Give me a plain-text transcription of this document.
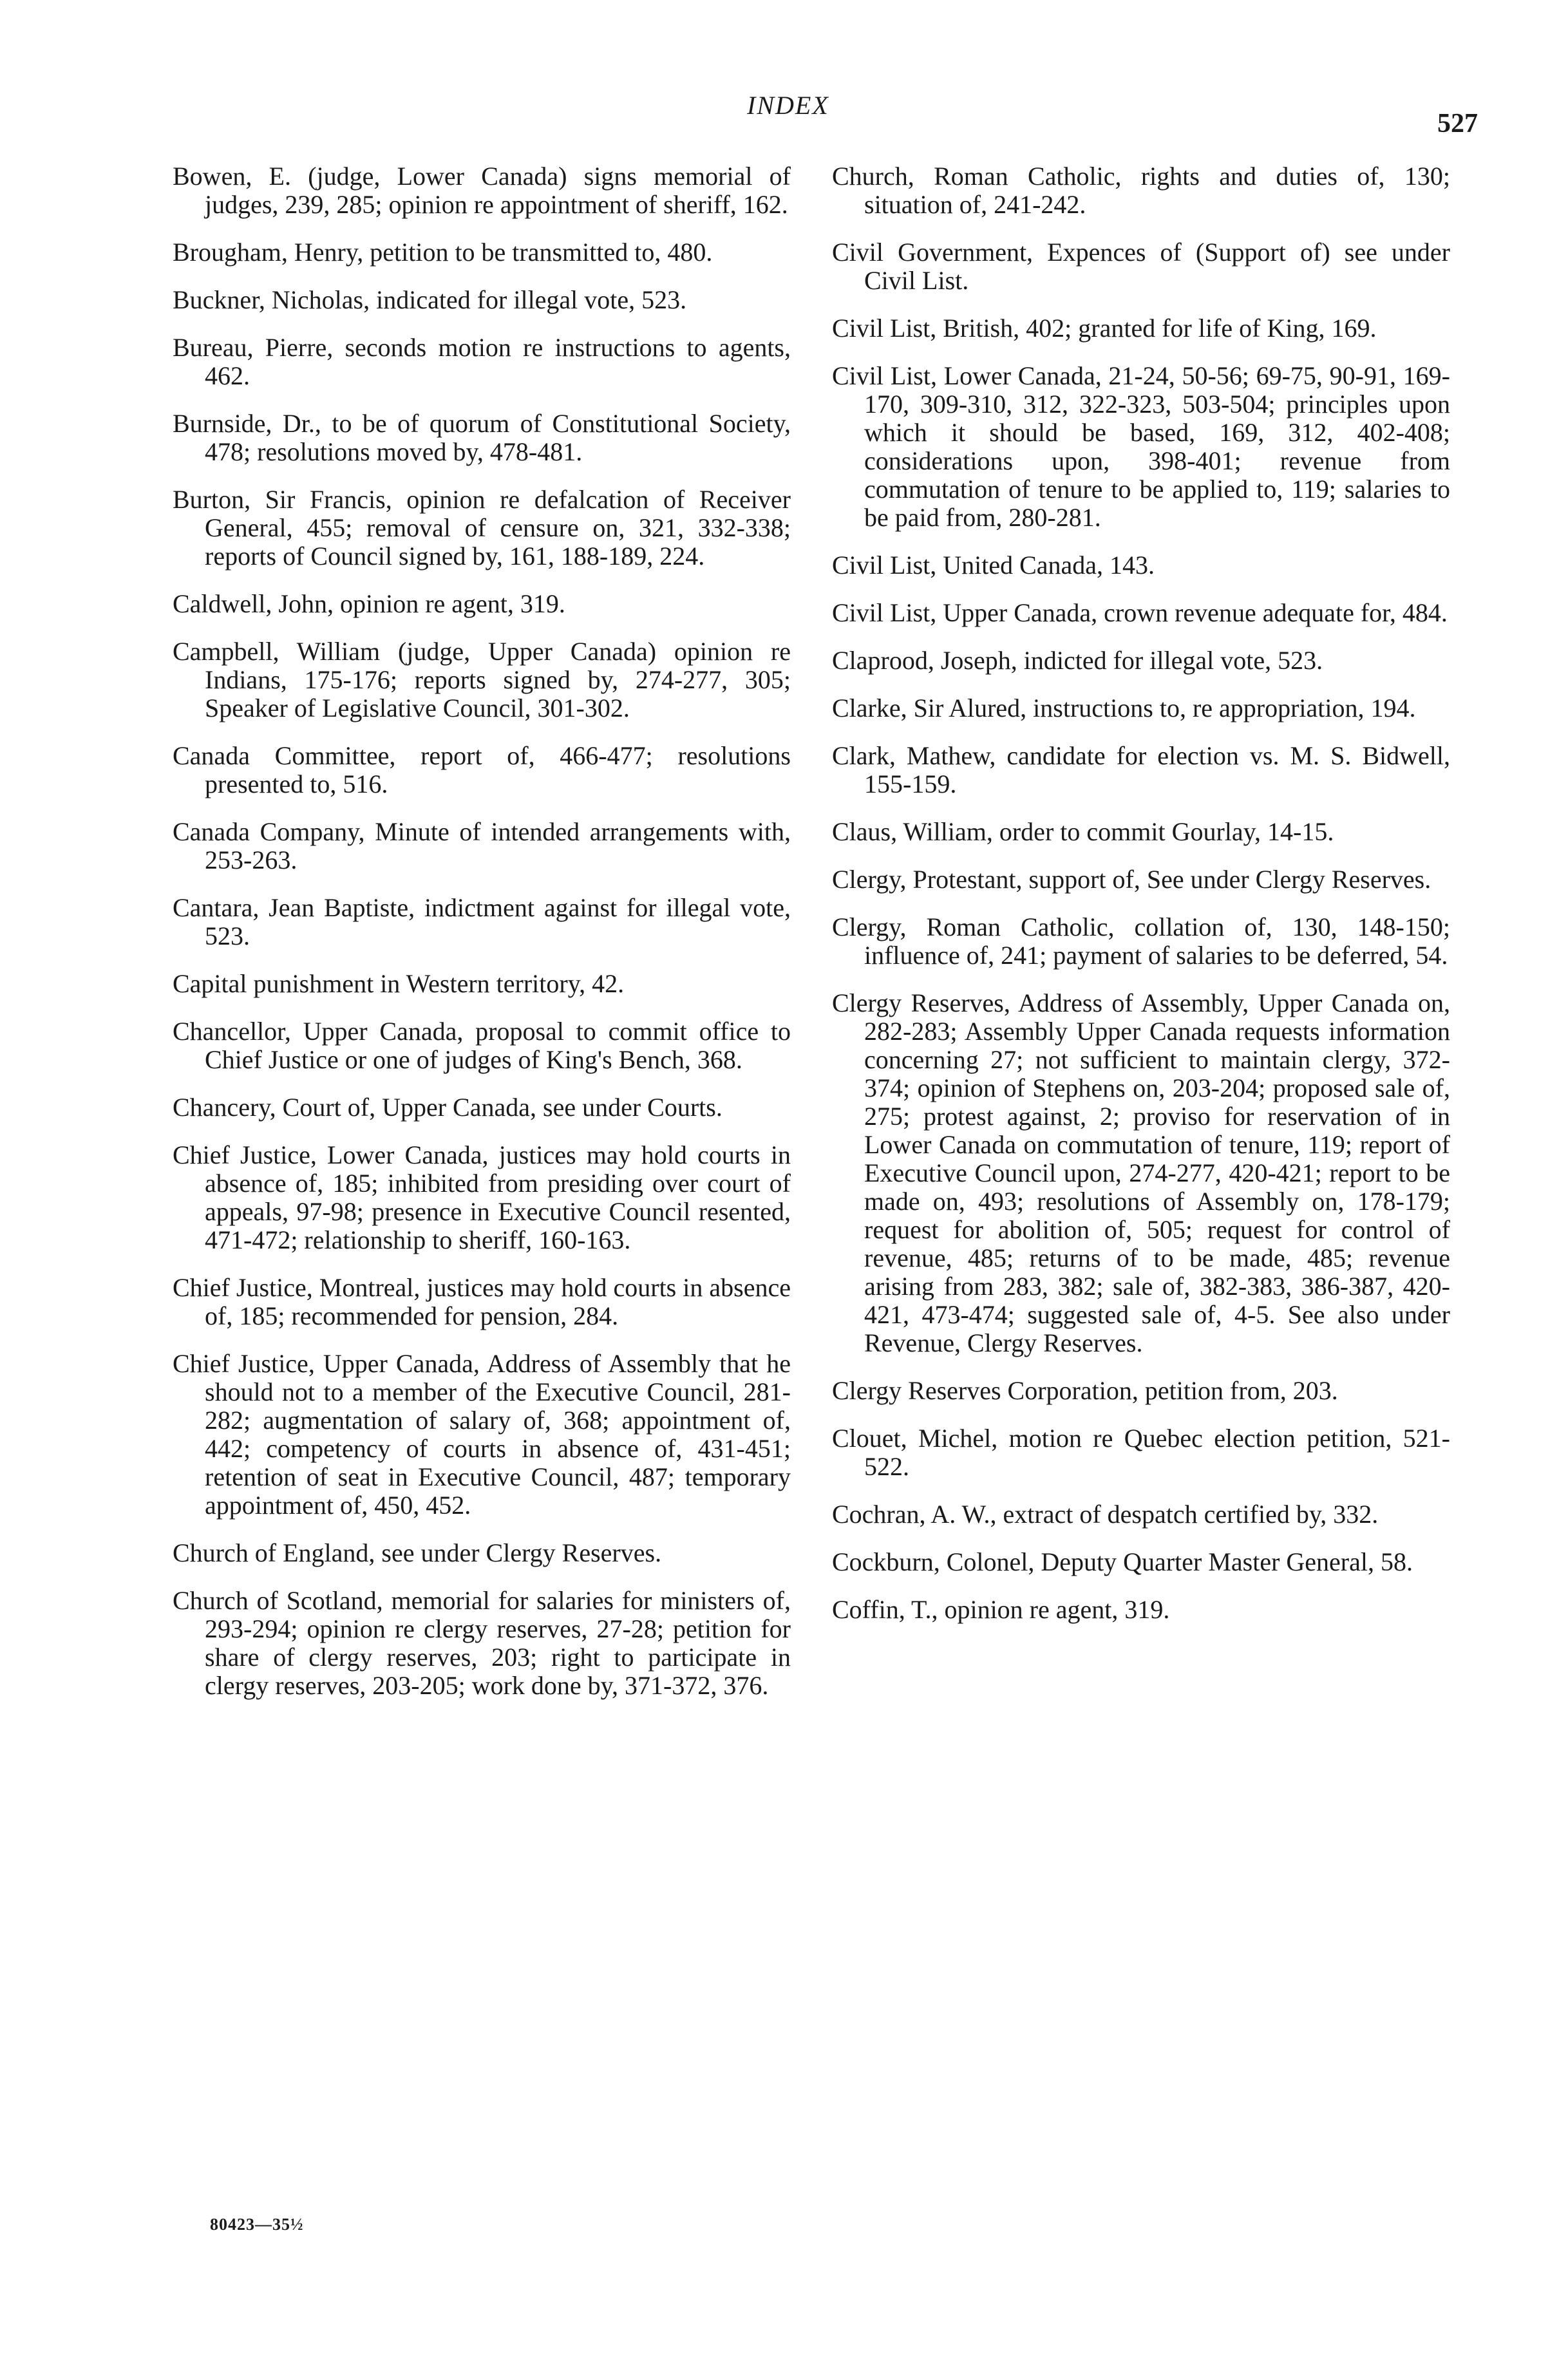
INDEX
527

Bowen, E. (judge, Lower Canada) signs memorial of judges, 239, 285; opinion re appointment of sheriff, 162.

Brougham, Henry, petition to be transmitted to, 480.

Buckner, Nicholas, indicated for illegal vote, 523.

Bureau, Pierre, seconds motion re instructions to agents, 462.

Burnside, Dr., to be of quorum of Constitutional Society, 478; resolutions moved by, 478-481.

Burton, Sir Francis, opinion re defalcation of Receiver General, 455; removal of censure on, 321, 332-338; reports of Council signed by, 161, 188-189, 224.

Caldwell, John, opinion re agent, 319.

Campbell, William (judge, Upper Canada) opinion re Indians, 175-176; reports signed by, 274-277, 305; Speaker of Legislative Council, 301-302.

Canada Committee, report of, 466-477; resolutions presented to, 516.

Canada Company, Minute of intended arrangements with, 253-263.

Cantara, Jean Baptiste, indictment against for illegal vote, 523.

Capital punishment in Western territory, 42.

Chancellor, Upper Canada, proposal to commit office to Chief Justice or one of judges of King's Bench, 368.

Chancery, Court of, Upper Canada, see under Courts.

Chief Justice, Lower Canada, justices may hold courts in absence of, 185; inhibited from presiding over court of appeals, 97-98; presence in Executive Council resented, 471-472; relationship to sheriff, 160-163.

Chief Justice, Montreal, justices may hold courts in absence of, 185; recommended for pension, 284.

Chief Justice, Upper Canada, Address of Assembly that he should not to a member of the Executive Council, 281-282; augmentation of salary of, 368; appointment of, 442; competency of courts in absence of, 431-451; retention of seat in Executive Council, 487; temporary appointment of, 450, 452.

Church of England, see under Clergy Reserves.

Church of Scotland, memorial for salaries for ministers of, 293-294; opinion re clergy reserves, 27-28; petition for share of clergy reserves, 203; right to participate in clergy reserves, 203-205; work done by, 371-372, 376.

Church, Roman Catholic, rights and duties of, 130; situation of, 241-242.

Civil Government, Expences of (Support of) see under Civil List.

Civil List, British, 402; granted for life of King, 169.

Civil List, Lower Canada, 21-24, 50-56; 69-75, 90-91, 169-170, 309-310, 312, 322-323, 503-504; principles upon which it should be based, 169, 312, 402-408; considerations upon, 398-401; revenue from commutation of tenure to be applied to, 119; salaries to be paid from, 280-281.

Civil List, United Canada, 143.

Civil List, Upper Canada, crown revenue adequate for, 484.

Claprood, Joseph, indicted for illegal vote, 523.

Clarke, Sir Alured, instructions to, re appropriation, 194.

Clark, Mathew, candidate for election vs. M. S. Bidwell, 155-159.

Claus, William, order to commit Gourlay, 14-15.

Clergy, Protestant, support of, See under Clergy Reserves.

Clergy, Roman Catholic, collation of, 130, 148-150; influence of, 241; payment of salaries to be deferred, 54.

Clergy Reserves, Address of Assembly, Upper Canada on, 282-283; Assembly Upper Canada requests information concerning 27; not sufficient to maintain clergy, 372-374; opinion of Stephens on, 203-204; proposed sale of, 275; protest against, 2; proviso for reservation of in Lower Canada on commutation of tenure, 119; report of Executive Council upon, 274-277, 420-421; report to be made on, 493; resolutions of Assembly on, 178-179; request for abolition of, 505; request for control of revenue, 485; returns of to be made, 485; revenue arising from 283, 382; sale of, 382-383, 386-387, 420-421, 473-474; suggested sale of, 4-5. See also under Revenue, Clergy Reserves.

Clergy Reserves Corporation, petition from, 203.

Clouet, Michel, motion re Quebec election petition, 521-522.

Cochran, A. W., extract of despatch certified by, 332.

Cockburn, Colonel, Deputy Quarter Master General, 58.

Coffin, T., opinion re agent, 319.

80423—35½
